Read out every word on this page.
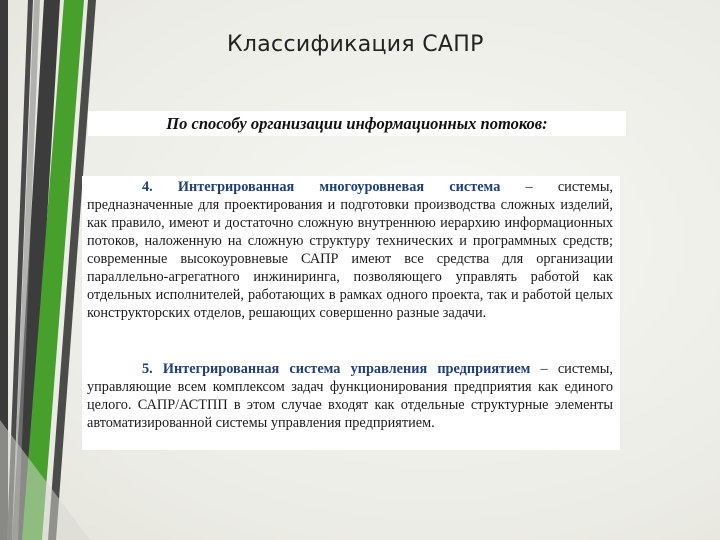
Классификация САПР
По способу организации информационных потоков:
4. Интегрированная многоуровневая система – системы, предназначенные для проектирования и подготовки производства сложных изделий, как правило, имеют и достаточно сложную внутреннюю иерархию информационных потоков, наложенную на сложную структуру технических и программных средств; современные высокоуровневые САПР имеют все средства для организации параллельно-агрегатного инжиниринга, позволяющего управлять работой как отдельных исполнителей, работающих в рамках одного проекта, так и работой целых конструкторских отделов, решающих совершенно разные задачи.
5. Интегрированная система управления предприятием – системы, управляющие всем комплексом задач функционирования предприятия как единого целого. САПР/АСТПП в этом случае входят как отдельные структурные элементы автоматизированной системы управления предприятием.
